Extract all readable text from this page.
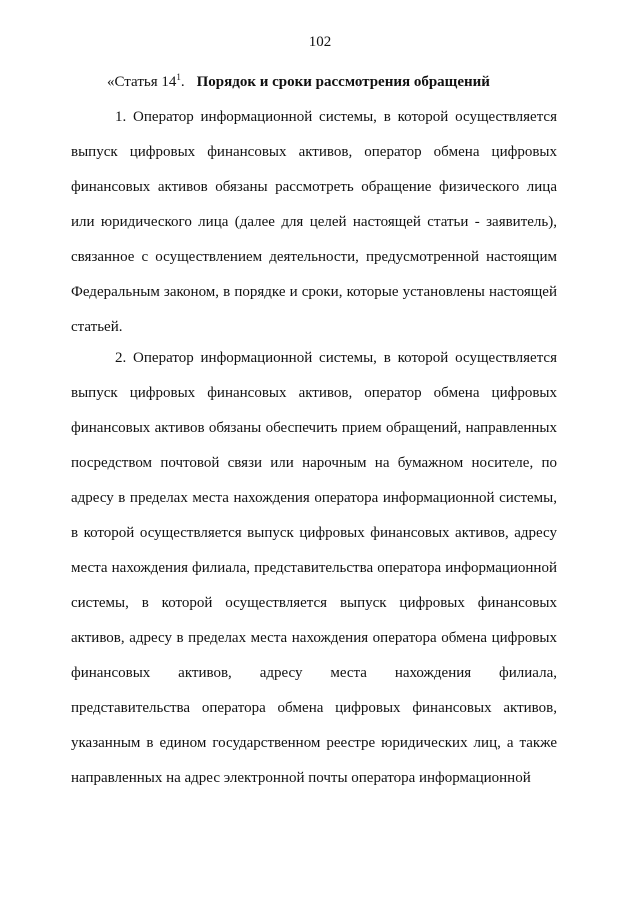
102
«Статья $14^1$. Порядок и сроки рассмотрения обращений

1. Оператор информационной системы, в которой осуществляется выпуск цифровых финансовых активов, оператор обмена цифровых финансовых активов обязаны рассмотреть обращение физического лица или юридического лица (далее для целей настоящей статьи - заявитель), связанное с осуществлением деятельности, предусмотренной настоящим Федеральным законом, в порядке и сроки, которые установлены настоящей статьей.

2. Оператор информационной системы, в которой осуществляется выпуск цифровых финансовых активов, оператор обмена цифровых финансовых активов обязаны обеспечить прием обращений, направленных посредством почтовой связи или нарочным на бумажном носителе, по адресу в пределах места нахождения оператора информационной системы, в которой осуществляется выпуск цифровых финансовых активов, адресу места нахождения филиала, представительства оператора информационной системы, в которой осуществляется выпуск цифровых финансовых активов, адресу в пределах места нахождения оператора обмена цифровых финансовых активов, адресу места нахождения филиала, представительства оператора обмена цифровых финансовых активов, указанным в едином государственном реестре юридических лиц, а также направленных на адрес электронной почты оператора информационной
